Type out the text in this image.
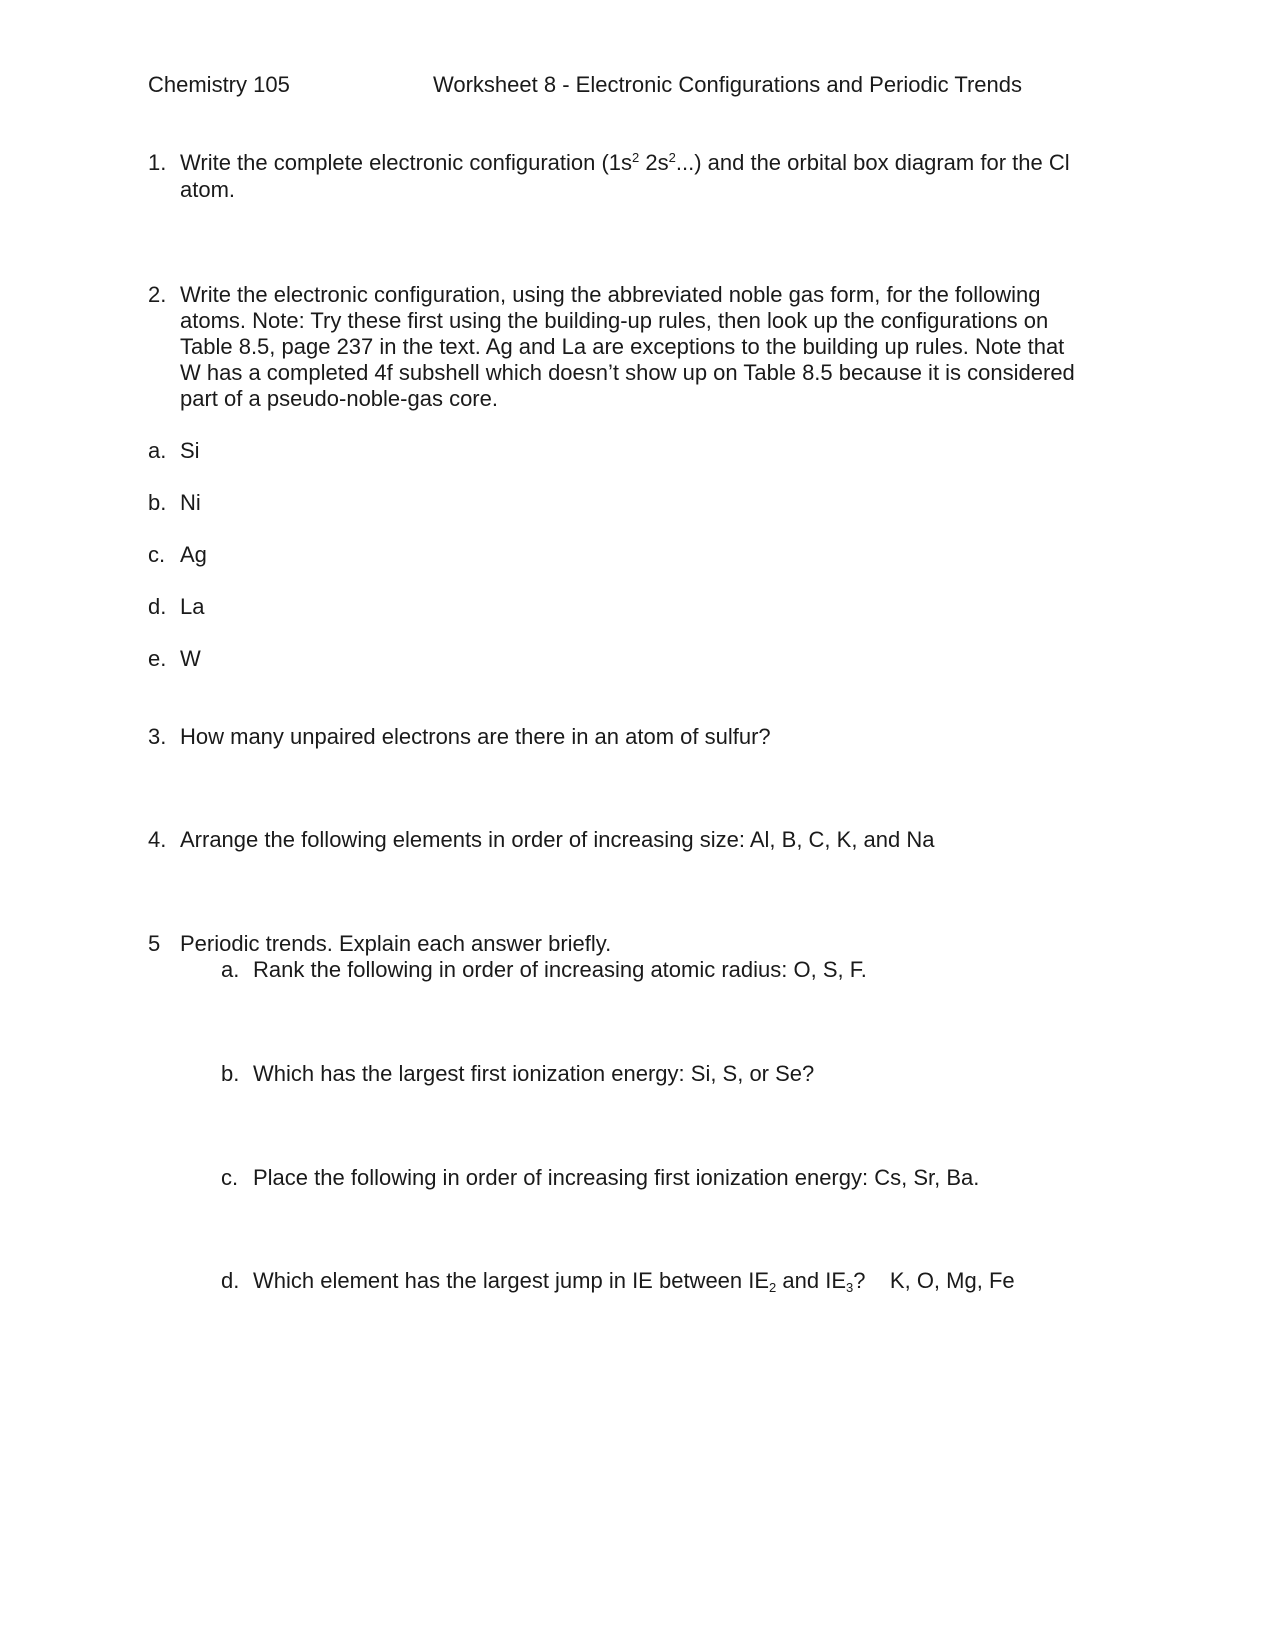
Chemistry 105	Worksheet 8 - Electronic Configurations and Periodic Trends
1. Write the complete electronic configuration ($1s^2$ $2s^2$...) and the orbital box diagram for the Cl
atom.
2. Write the electronic configuration, using the abbreviated noble gas form, for the following
atoms. Note: Try these first using the building-up rules, then look up the configurations on
Table 8.5, page 237 in the text. Ag and La are exceptions to the building up rules. Note that
W has a completed 4f subshell which doesn’t show up on Table 8.5 because it is considered
part of a pseudo-noble-gas core.
a. Si
b. Ni
c. Ag
d. La
e. W
3. How many unpaired electrons are there in an atom of sulfur?
4. Arrange the following elements in order of increasing size: Al, B, C, K, and Na
5 Periodic trends. Explain each answer briefly.
a. Rank the following in order of increasing atomic radius: O, S, F.
b. Which has the largest first ionization energy: Si, S, or Se?
c. Place the following in order of increasing first ionization energy: Cs, Sr, Ba.
d. Which element has the largest jump in IE between $IE_2$ and $IE_3$?    K, O, Mg, Fe
